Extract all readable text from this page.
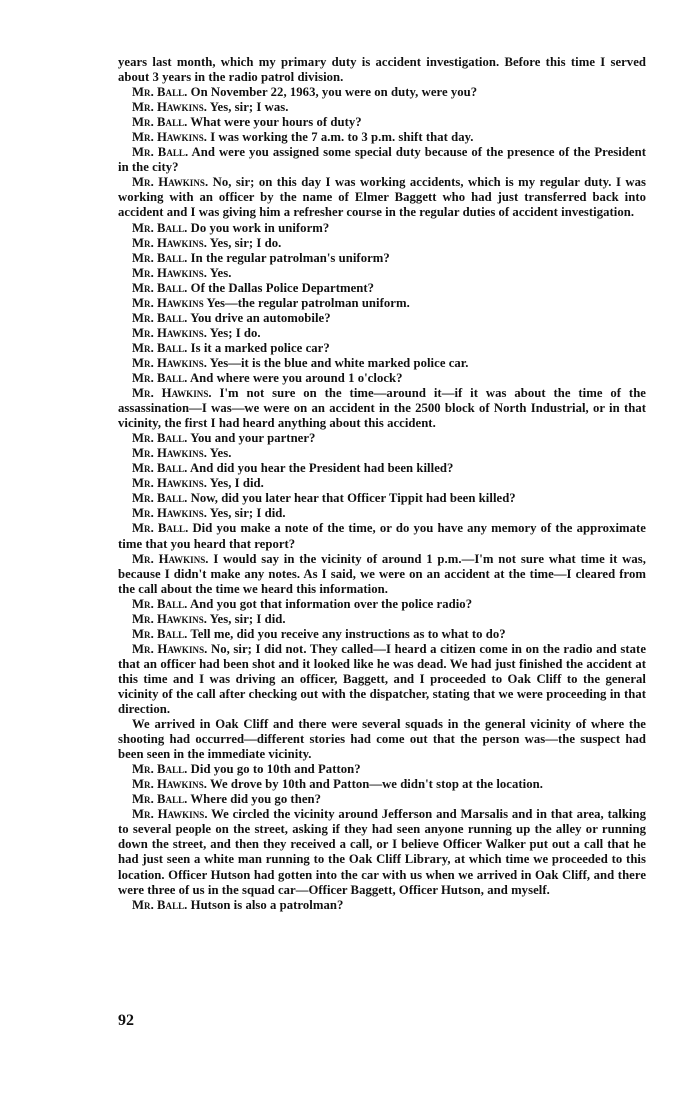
years last month, which my primary duty is accident investigation. Before this time I served about 3 years in the radio patrol division.

Mr. Ball. On November 22, 1963, you were on duty, were you?

Mr. Hawkins. Yes, sir; I was.

Mr. Ball. What were your hours of duty?

Mr. Hawkins. I was working the 7 a.m. to 3 p.m. shift that day.

Mr. Ball. And were you assigned some special duty because of the presence of the President in the city?

Mr. Hawkins. No, sir; on this day I was working accidents, which is my regular duty. I was working with an officer by the name of Elmer Baggett who had just transferred back into accident and I was giving him a refresher course in the regular duties of accident investigation.

Mr. Ball. Do you work in uniform?

Mr. Hawkins. Yes, sir; I do.

Mr. Ball. In the regular patrolman's uniform?

Mr. Hawkins. Yes.

Mr. Ball. Of the Dallas Police Department?

Mr. Hawkins Yes—the regular patrolman uniform.

Mr. Ball. You drive an automobile?

Mr. Hawkins. Yes; I do.

Mr. Ball. Is it a marked police car?

Mr. Hawkins. Yes—it is the blue and white marked police car.

Mr. Ball. And where were you around 1 o'clock?

Mr. Hawkins. I'm not sure on the time—around it—if it was about the time of the assassination—I was—we were on an accident in the 2500 block of North Industrial, or in that vicinity, the first I had heard anything about this accident.

Mr. Ball. You and your partner?

Mr. Hawkins. Yes.

Mr. Ball. And did you hear the President had been killed?

Mr. Hawkins. Yes, I did.

Mr. Ball. Now, did you later hear that Officer Tippit had been killed?

Mr. Hawkins. Yes, sir; I did.

Mr. Ball. Did you make a note of the time, or do you have any memory of the approximate time that you heard that report?

Mr. Hawkins. I would say in the vicinity of around 1 p.m.—I'm not sure what time it was, because I didn't make any notes. As I said, we were on an accident at the time—I cleared from the call about the time we heard this information.

Mr. Ball. And you got that information over the police radio?

Mr. Hawkins. Yes, sir; I did.

Mr. Ball. Tell me, did you receive any instructions as to what to do?

Mr. Hawkins. No, sir; I did not. They called—I heard a citizen come in on the radio and state that an officer had been shot and it looked like he was dead. We had just finished the accident at this time and I was driving an officer, Baggett, and I proceeded to Oak Cliff to the general vicinity of the call after checking out with the dispatcher, stating that we were proceeding in that direction.

We arrived in Oak Cliff and there were several squads in the general vicinity of where the shooting had occurred—different stories had come out that the person was—the suspect had been seen in the immediate vicinity.

Mr. Ball. Did you go to 10th and Patton?

Mr. Hawkins. We drove by 10th and Patton—we didn't stop at the location.

Mr. Ball. Where did you go then?

Mr. Hawkins. We circled the vicinity around Jefferson and Marsalis and in that area, talking to several people on the street, asking if they had seen anyone running up the alley or running down the street, and then they received a call, or I believe Officer Walker put out a call that he had just seen a white man running to the Oak Cliff Library, at which time we proceeded to this location. Officer Hutson had gotten into the car with us when we arrived in Oak Cliff, and there were three of us in the squad car—Officer Baggett, Officer Hutson, and myself.

Mr. Ball. Hutson is also a patrolman?

92
